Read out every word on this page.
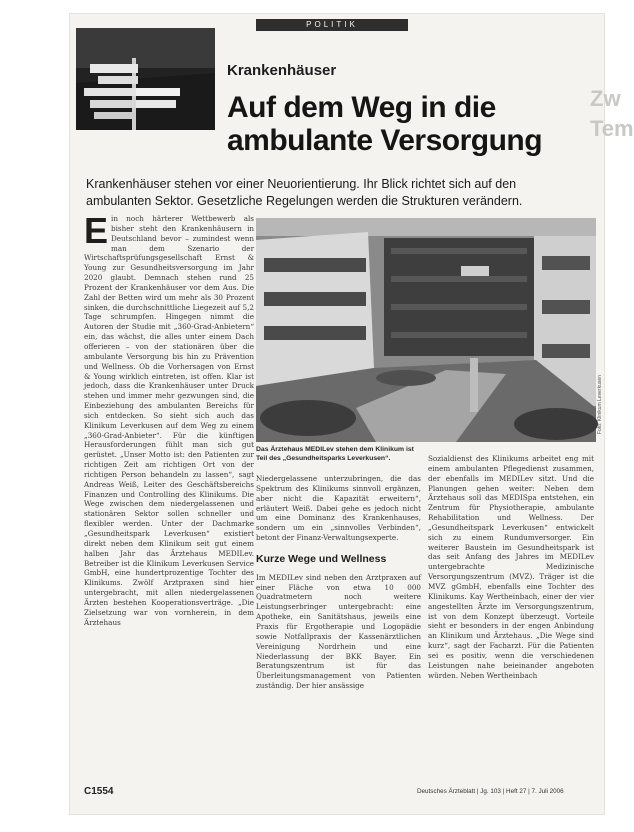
POLITIK
Krankenhäuser
Auf dem Weg in die
ambulante Versorgung
Zw Tem
Krankenhäuser stehen vor einer Neuorientierung. Ihr Blick richtet sich auf den ambulanten Sektor. Gesetzliche Regelungen werden die Strukturen verändern.
E in noch härterer Wettbewerb als bisher steht den Krankenhäusern in Deutschland bevor – zumindest wenn man dem Szenario der Wirtschaftsprüfungsgesellschaft Ernst & Young zur Gesundheitsversorgung im Jahr 2020 glaubt. Demnach stehen rund 25 Prozent der Krankenhäuser vor dem Aus. Die Zahl der Betten wird um mehr als 30 Prozent sinken, die durchschnittliche Liegezeit auf 5,2 Tage schrumpfen. Hingegen nimmt die Autoren der Studie mit „360-Grad-Anbietern“ ein, das wächst, die alles unter einem Dach offerieren – von der stationären über die ambulante Versorgung bis hin zu Prävention und Wellness. Ob die Vorhersagen von Ernst & Young wirklich eintreten, ist offen. Klar ist jedoch, dass die Krankenhäuser unter Druck stehen und immer mehr gezwungen sind, die Einbeziehung des ambulanten Bereichs für sich entdecken. So sieht sich auch das Klinikum Leverkusen auf dem Weg zu einem „360-Grad-Anbieter“. Für die künftigen Herausforderungen fühlt man sich gut gerüstet. „Unser Motto ist: den Patienten zur richtigen Zeit am richtigen Ort von der richtigen Person behandeln zu lassen“, sagt Andreas Weiß, Leiter des Geschäftsbereichs Finanzen und Controlling des Klinikums. Die Wege zwischen dem niedergelassenen und stationären Sektor sollen schneller und flexibler werden. Unter der Dachmarke „Gesundheitspark Leverkusen“ existiert direkt neben dem Klinikum seit gut einem halben Jahr das Ärztehaus MEDILev. Betreiber ist die Klinikum Leverkusen Service GmbH, eine hundertprozentige Tochter des Klinikums. Zwölf Arztpraxen sind hier untergebracht, mit allen niedergelassenen Ärzten bestehen Kooperationsverträge. „Die Zielsetzung war von vornherein, in dem Ärztehaus

Foto: Klinikum Leverkusen
Das Ärztehaus MEDILev stehen dem Klinikum ist Teil des „Gesundheitsparks Leverkusen“.

Niedergelassene unterzubringen, die das Spektrum des Klinikums sinnvoll ergänzen, aber nicht die Kapazität erweitern“, erläutert Weiß. Dabei gehe es jedoch nicht um eine Dominanz des Krankenhauses, sondern um ein „sinnvolles Verbinden“, betont der Finanz-Verwaltungsexperte.

Kurze Wege und Wellness

Im MEDILev sind neben den Arztpraxen auf einer Fläche von etwa 10 000 Quadratmetern noch weitere Leistungserbringer untergebracht: eine Apotheke, ein Sanitätshaus, jeweils eine Praxis für Ergotherapie und Logopädie sowie Notfallpraxis der Kassenärztlichen Vereinigung Nordrhein und eine Niederlassung der BKK Bayer. Ein Beratungszentrum ist für das Überleitungsmanagement von Patienten zuständig. Der hier ansässige

Sozialdienst des Klinikums arbeitet eng mit einem ambulanten Pflegedienst zusammen, der ebenfalls im MEDILev sitzt. Und die Planungen gehen weiter: Neben dem Ärztehaus soll das MEDISpa entstehen, ein Zentrum für Physiotherapie, ambulante Rehabilitation und Wellness. Der „Gesundheitspark Leverkusen“ entwickelt sich zu einem Rundumversorger. Ein weiterer Baustein im Gesundheitspark ist das seit Anfang des Jahres im MEDILev untergebrachte Medizinische Versorgungszentrum (MVZ). Träger ist die MVZ gGmbH, ebenfalls eine Tochter des Klinikums. Kay Wertheinbach, einer der vier angestellten Ärzte im Versorgungszentrum, ist von dem Konzept überzeugt. Vorteile sieht er besonders in der engen Anbindung an Klinikum und Ärztehaus. „Die Wege sind kurz“, sagt der Facharzt. Für die Patienten sei es positiv, wenn die verschiedenen Leistungen nahe beieinander angeboten würden. Neben Wertheinbach

C1554	Deutsches Ärzteblatt | Jg. 103 | Heft 27 | 7. Juli 2006
